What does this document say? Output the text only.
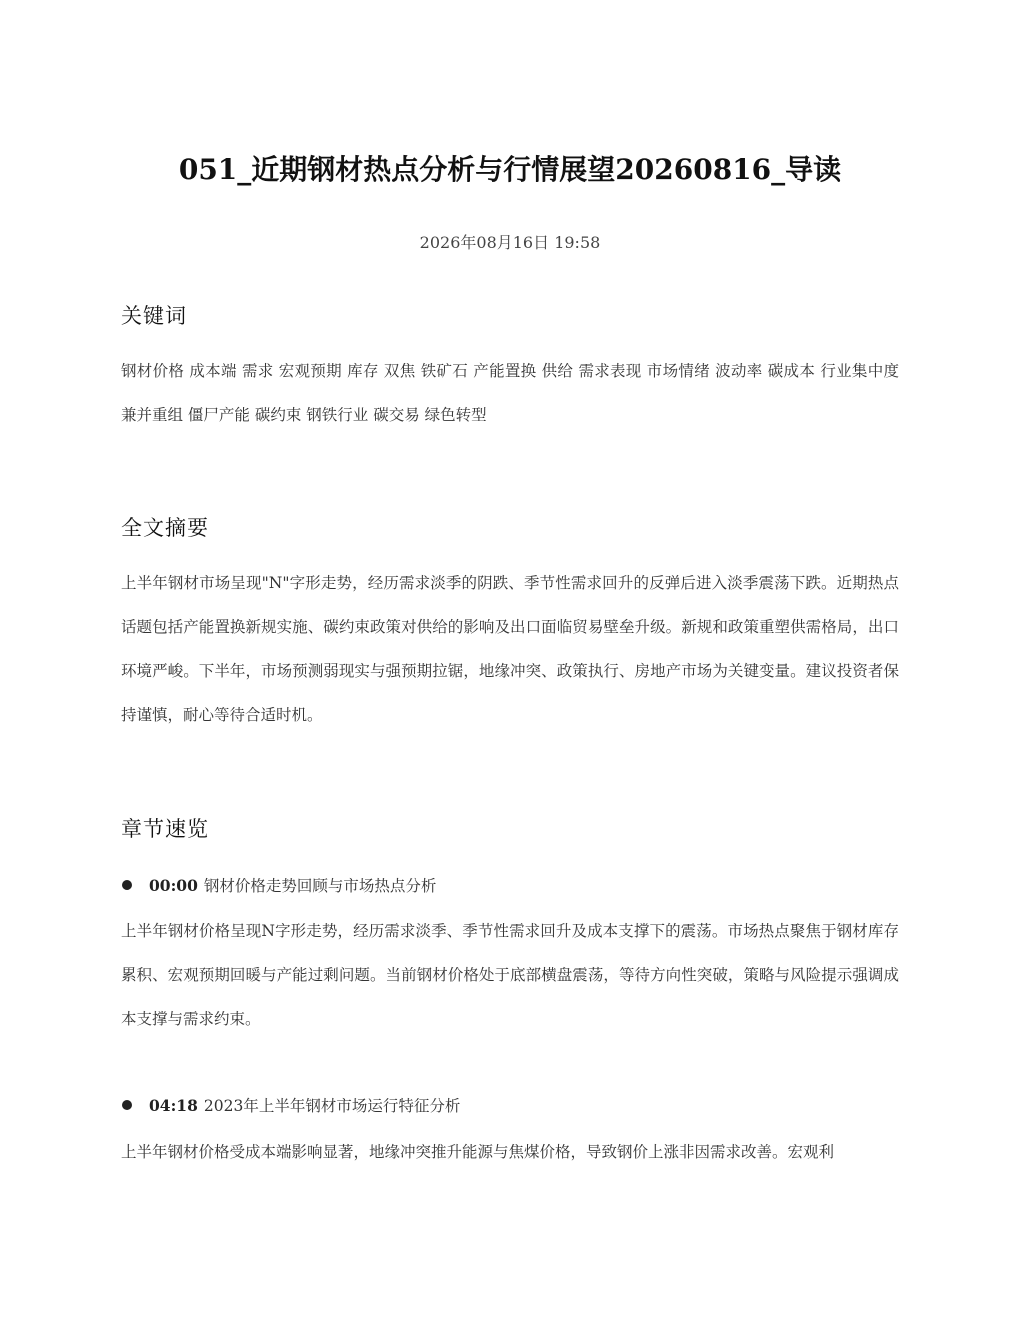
051_近期钢材热点分析与行情展望20260816_导读
2026年08月16日 19:58
关键词

钢材价格 成本端 需求 宏观预期 库存 双焦 铁矿石 产能置换 供给 需求表现 市场情绪 波动率 碳成本 行业集中度 兼并重组 僵尸产能 碳约束 钢铁行业 碳交易 绿色转型

全文摘要

上半年钢材市场呈现"N"字形走势，经历需求淡季的阴跌、季节性需求回升的反弹后进入淡季震荡下跌。近期热点话题包括产能置换新规实施、碳约束政策对供给的影响及出口面临贸易壁垒升级。新规和政策重塑供需格局，出口环境严峻。下半年，市场预测弱现实与强预期拉锯，地缘冲突、政策执行、房地产市场为关键变量。建议投资者保持谨慎，耐心等待合适时机。

章节速览
00:00 钢材价格走势回顾与市场热点分析

上半年钢材价格呈现N字形走势，经历需求淡季、季节性需求回升及成本支撑下的震荡。市场热点聚焦于钢材库存累积、宏观预期回暖与产能过剩问题。当前钢材价格处于底部横盘震荡，等待方向性突破，策略与风险提示强调成本支撑与需求约束。

04:18 2023年上半年钢材市场运行特征分析

上半年钢材价格受成本端影响显著，地缘冲突推升能源与焦煤价格，导致钢价上涨非因需求改善。宏观利
